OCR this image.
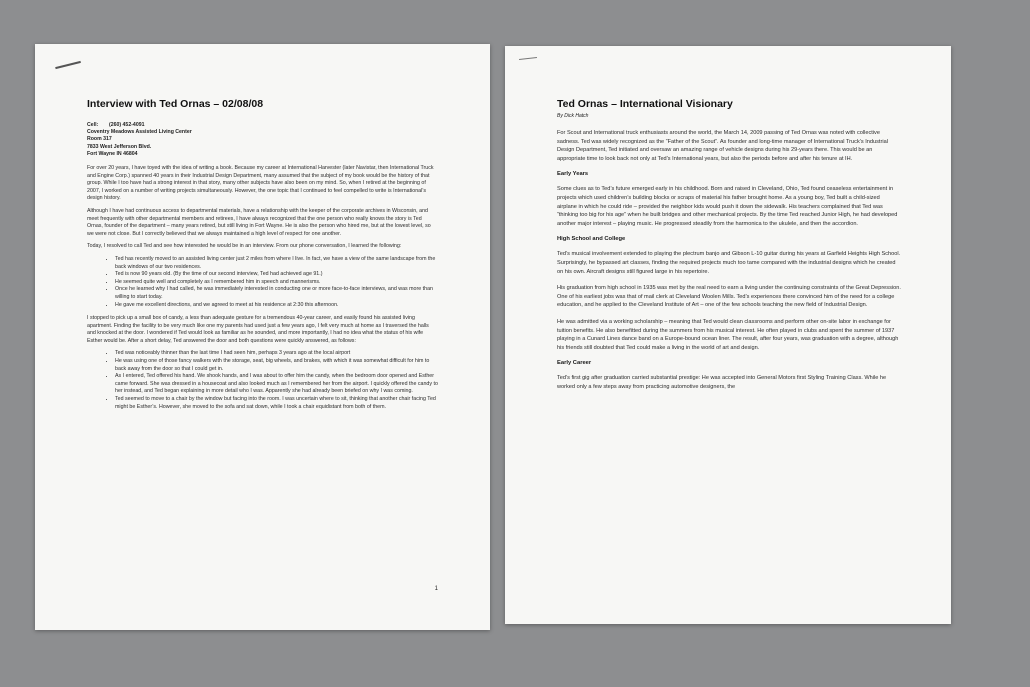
Interview with Ted Ornas – 02/08/08
Cell:	(260) 452-4091
Coventry Meadows Assisted Living Center
Room 317
7833 West Jefferson Blvd.
Fort Wayne IN 46804

For over 20 years, I have toyed with the idea of writing a book. Because my career at International Harvester (later Navistar, then International Truck and Engine Corp.) spanned 40 years in their Industrial Design Department, many assumed that the subject of my book would be the history of that group. While I too have had a strong interest in that story, many other subjects have also been on my mind. So, when I retired at the beginning of 2007, I worked on a number of writing projects simultaneously. However, the one topic that I continued to feel compelled to write is International’s design history.

Although I have had continuous access to departmental materials, have a relationship with the keeper of the corporate archives in Wisconsin, and meet frequently with other departmental members and retirees, I have always recognized that the one person who really knows the story is Ted Ornas, founder of the department – many years retired, but still living in Fort Wayne. He is also the person who hired me, but at the lowest level, so we were not close. But I correctly believed that we always maintained a high level of respect for one another.

Today, I resolved to call Ted and see how interested he would be in an interview. From our phone conversation, I learned the following:

• Ted has recently moved to an assisted living center just 2 miles from where I live. In fact, we have a view of the same landscape from the back windows of our two residences.
• Ted is now 90 years old. (By the time of our second interview, Ted had achieved age 91.)
• He seemed quite well and completely as I remembered him in speech and mannerisms.
• Once he learned why I had called, he was immediately interested in conducting one or more face-to-face interviews, and was more than willing to start today.
• He gave me excellent directions, and we agreed to meet at his residence at 2:30 this afternoon.

I stopped to pick up a small box of candy, a less than adequate gesture for a tremendous 40-year career, and easily found his assisted living apartment. Finding the facility to be very much like one my parents had used just a few years ago, I felt very much at home as I traversed the halls and knocked at the door. I wondered if Ted would look as familiar as he sounded, and more importantly, I had no idea what the status of his wife Esther would be. After a short delay, Ted answered the door and both questions were quickly answered, as follows:

• Ted was noticeably thinner than the last time I had seen him, perhaps 3 years ago at the local airport
• He was using one of those fancy walkers with the storage, seat, big wheels, and brakes, with which it was somewhat difficult for him to back away from the door so that I could get in.
• As I entered, Ted offered his hand. We shook hands, and I was about to offer him the candy, when the bedroom door opened and Esther came forward. She was dressed in a housecoat and also looked much as I remembered her from the airport. I quickly offered the candy to her instead, and Ted began explaining in more detail who I was. Apparently she had already been briefed on why I was coming.
• Ted seemed to move to a chair by the window but facing into the room. I was uncertain where to sit, thinking that another chair facing Ted might be Esther’s. However, she moved to the sofa and sat down, while I took a chair equidistant from both of them.
1
Ted Ornas – International Visionary
By Dick Hatch

For Scout and International truck enthusiasts around the world, the March 14, 2009 passing of Ted Ornas was noted with collective sadness. Ted was widely recognized as the “Father of the Scout”. As founder and long-time manager of International Truck’s Industrial Design Department, Ted initiated and oversaw an amazing range of vehicle designs during his 29-years there. This would be an appropriate time to look back not only at Ted’s International years, but also the periods before and after his tenure at IH.

Early Years

Some clues as to Ted’s future emerged early in his childhood. Born and raised in Cleveland, Ohio, Ted found ceaseless entertainment in projects which used children’s building blocks or scraps of material his father brought home. As a young boy, Ted built a child-sized airplane in which he could ride – provided the neighbor kids would push it down the sidewalk. His teachers complained that Ted was “thinking too big for his age” when he built bridges and other mechanical projects. By the time Ted reached Junior High, he had developed another major interest – playing music. He progressed steadily from the harmonica to the ukulele, and then the accordion.

High School and College

Ted’s musical involvement extended to playing the plectrum banjo and Gibson L-10 guitar during his years at Garfield Heights High School. Surprisingly, he bypassed art classes, finding the required projects much too tame compared with the industrial designs which he created on his own. Aircraft designs still figured large in his repertoire.

His graduation from high school in 1935 was met by the real need to earn a living under the continuing constraints of the Great Depression. One of his earliest jobs was that of mail clerk at Cleveland Woolen Mills. Ted’s experiences there convinced him of the need for a college education, and he applied to the Cleveland Institute of Art – one of the few schools teaching the new field of Industrial Design.

He was admitted via a working scholarship – meaning that Ted would clean classrooms and perform other on-site labor in exchange for tuition benefits. He also benefitted during the summers from his musical interest. He often played in clubs and spent the summer of 1937 playing in a Cunard Lines dance band on a Europe-bound ocean liner. The result, after four years, was graduation with a degree, although his friends still doubted that Ted could make a living in the world of art and design.

Early Career

Ted’s first gig after graduation carried substantial prestige: He was accepted into General Motors first Styling Training Class. While he worked only a few steps away from practicing automotive designers, the
